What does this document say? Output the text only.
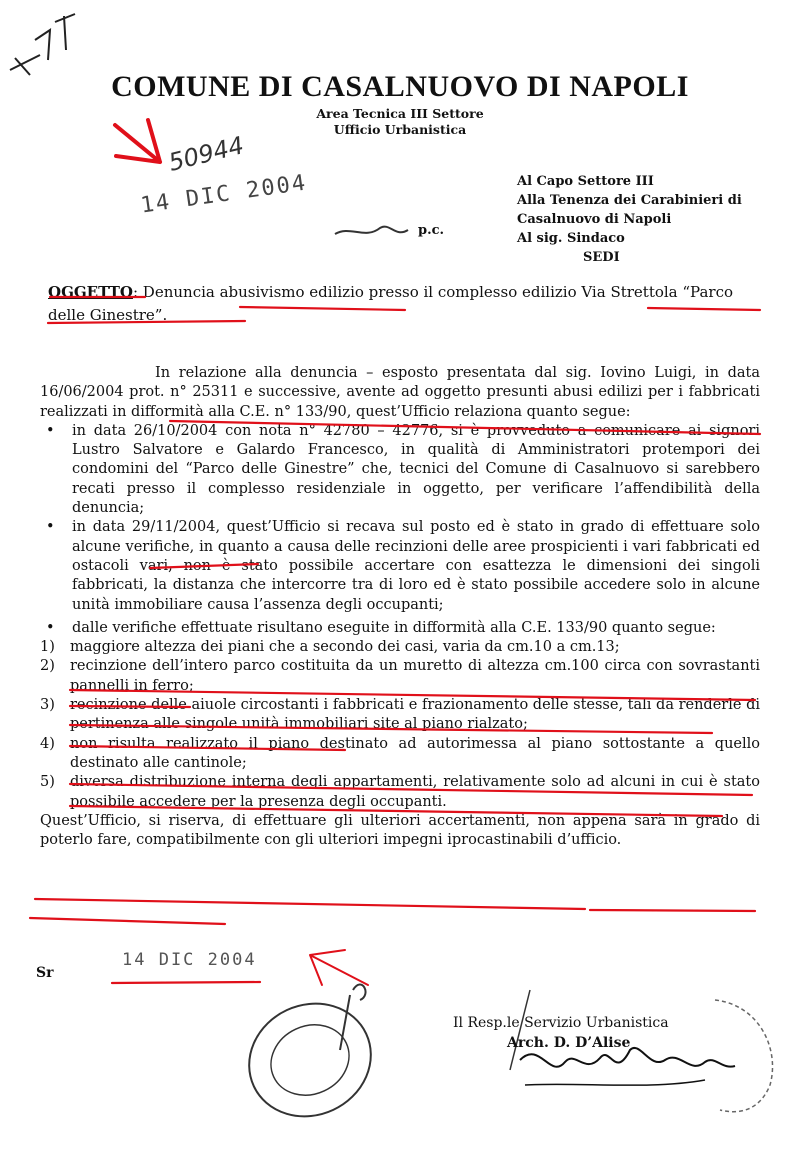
COMUNE DI CASALNUOVO DI NAPOLI
Area Tecnica III Settore
Ufficio Urbanistica
50944
14 DIC 2004
p.c.
Al Capo Settore III
Alla Tenenza dei Carabinieri di
Casalnuovo di Napoli
Al sig. Sindaco
SEDI
OGGETTO: Denuncia abusivismo edilizio presso il complesso edilizio Via Strettola “Parco delle Ginestre”.

In relazione alla denuncia – esposto presentata dal sig. Iovino Luigi, in data 16/06/2004 prot. n° 25311 e successive, avente ad oggetto presunti abusi edilizi per i fabbricati realizzati in difformità alla C.E. n° 133/90, quest’Ufficio relaziona quanto segue:

• in data 26/10/2004 con nota n° 42780 – 42776, si è provveduto a comunicare ai signori Lustro Salvatore e Galardo Francesco, in qualità di Amministratori protempori dei condomini del “Parco delle Ginestre” che, tecnici del Comune di Casalnuovo si sarebbero recati presso il complesso residenziale in oggetto, per verificare l’affendibilità della denuncia;
• in data 29/11/2004, quest’Ufficio si recava sul posto ed è stato in grado di effettuare solo alcune verifiche, in quanto a causa delle recinzioni delle aree prospicienti i vari fabbricati ed ostacoli vari, non è stato possibile accertare con esattezza le dimensioni dei singoli fabbricati, la distanza che intercorre tra di loro ed è stato possibile accedere solo in alcune unità immobiliare causa l’assenza degli occupanti;
• dalle verifiche effettuate risultano eseguite in difformità alla C.E. 133/90 quanto segue:
1) maggiore altezza dei piani che a secondo dei casi, varia da cm.10 a cm.13;
2) recinzione dell’intero parco costituita da un muretto di altezza cm.100 circa con sovrastanti pannelli in ferro;
3) recinzione delle aiuole circostanti i fabbricati e frazionamento delle stesse, tali da renderle di pertinenza alle singole unità immobiliari site al piano rialzato;
4) non risulta realizzato il piano destinato ad autorimessa al piano sottostante a quello destinato alle cantinole;
5) diversa distribuzione interna degli appartamenti, relativamente solo ad alcuni in cui è stato possibile accedere per la presenza degli occupanti.

Quest’Ufficio, si riserva, di effettuare gli ulteriori accertamenti, non appena sarà in grado di poterlo fare, compatibilmente con gli ulteriori impegni iprocastinabili d’ufficio.

Sr
14 DIC 2004
Il Resp.le Servizio Urbanistica
Arch. D. D’Alise
